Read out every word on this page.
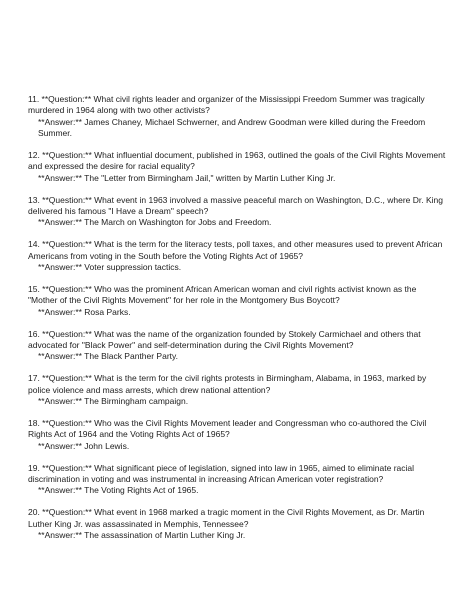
11. **Question:** What civil rights leader and organizer of the Mississippi Freedom Summer was tragically murdered in 1964 along with two other activists?

**Answer:** James Chaney, Michael Schwerner, and Andrew Goodman were killed during the Freedom Summer.

12. **Question:** What influential document, published in 1963, outlined the goals of the Civil Rights Movement and expressed the desire for racial equality?

**Answer:** The "Letter from Birmingham Jail," written by Martin Luther King Jr.

13. **Question:** What event in 1963 involved a massive peaceful march on Washington, D.C., where Dr. King delivered his famous "I Have a Dream" speech?

**Answer:** The March on Washington for Jobs and Freedom.

14. **Question:** What is the term for the literacy tests, poll taxes, and other measures used to prevent African Americans from voting in the South before the Voting Rights Act of 1965?

**Answer:** Voter suppression tactics.

15. **Question:** Who was the prominent African American woman and civil rights activist known as the "Mother of the Civil Rights Movement" for her role in the Montgomery Bus Boycott?

**Answer:** Rosa Parks.

16. **Question:** What was the name of the organization founded by Stokely Carmichael and others that advocated for "Black Power" and self-determination during the Civil Rights Movement?

**Answer:** The Black Panther Party.

17. **Question:** What is the term for the civil rights protests in Birmingham, Alabama, in 1963, marked by police violence and mass arrests, which drew national attention?

**Answer:** The Birmingham campaign.

18. **Question:** Who was the Civil Rights Movement leader and Congressman who co-authored the Civil Rights Act of 1964 and the Voting Rights Act of 1965?

**Answer:** John Lewis.

19. **Question:** What significant piece of legislation, signed into law in 1965, aimed to eliminate racial discrimination in voting and was instrumental in increasing African American voter registration?

**Answer:** The Voting Rights Act of 1965.

20. **Question:** What event in 1968 marked a tragic moment in the Civil Rights Movement, as Dr. Martin Luther King Jr. was assassinated in Memphis, Tennessee?

**Answer:** The assassination of Martin Luther King Jr.
